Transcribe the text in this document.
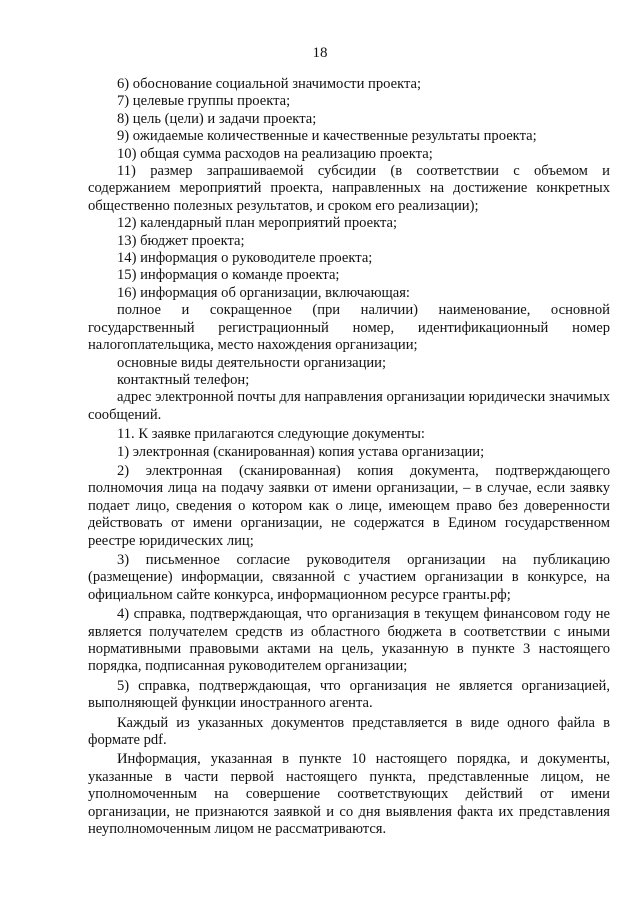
18

6) обоснование социальной значимости проекта;

7) целевые группы проекта;

8) цель (цели) и задачи проекта;

9) ожидаемые количественные и качественные результаты проекта;

10) общая сумма расходов на реализацию проекта;

11) размер запрашиваемой субсидии (в соответствии с объемом и содержанием мероприятий проекта, направленных на достижение конкретных общественно полезных результатов, и сроком его реализации);

12) календарный план мероприятий проекта;

13) бюджет проекта;

14) информация о руководителе проекта;

15) информация о команде проекта;

16) информация об организации, включающая:

полное и сокращенное (при наличии) наименование, основной государственный регистрационный номер, идентификационный номер налогоплательщика, место нахождения организации;

основные виды деятельности организации;

контактный телефон;

адрес электронной почты для направления организации юридически значимых сообщений.

11. К заявке прилагаются следующие документы:

1) электронная (сканированная) копия устава организации;

2) электронная (сканированная) копия документа, подтверждающего полномочия лица на подачу заявки от имени организации, – в случае, если заявку подает лицо, сведения о котором как о лице, имеющем право без доверенности действовать от имени организации, не содержатся в Едином государственном реестре юридических лиц;

3) письменное согласие руководителя организации на публикацию (размещение) информации, связанной с участием организации в конкурсе, на официальном сайте конкурса, информационном ресурсе гранты.рф;

4) справка, подтверждающая, что организация в текущем финансовом году не является получателем средств из областного бюджета в соответствии с иными нормативными правовыми актами на цель, указанную в пункте 3 настоящего порядка, подписанная руководителем организации;

5) справка, подтверждающая, что организация не является организацией, выполняющей функции иностранного агента.

Каждый из указанных документов представляется в виде одного файла в формате pdf.

Информация, указанная в пункте 10 настоящего порядка, и документы, указанные в части первой настоящего пункта, представленные лицом, не уполномоченным на совершение соответствующих действий от имени организации, не признаются заявкой и со дня выявления факта их представления неуполномоченным лицом не рассматриваются.
